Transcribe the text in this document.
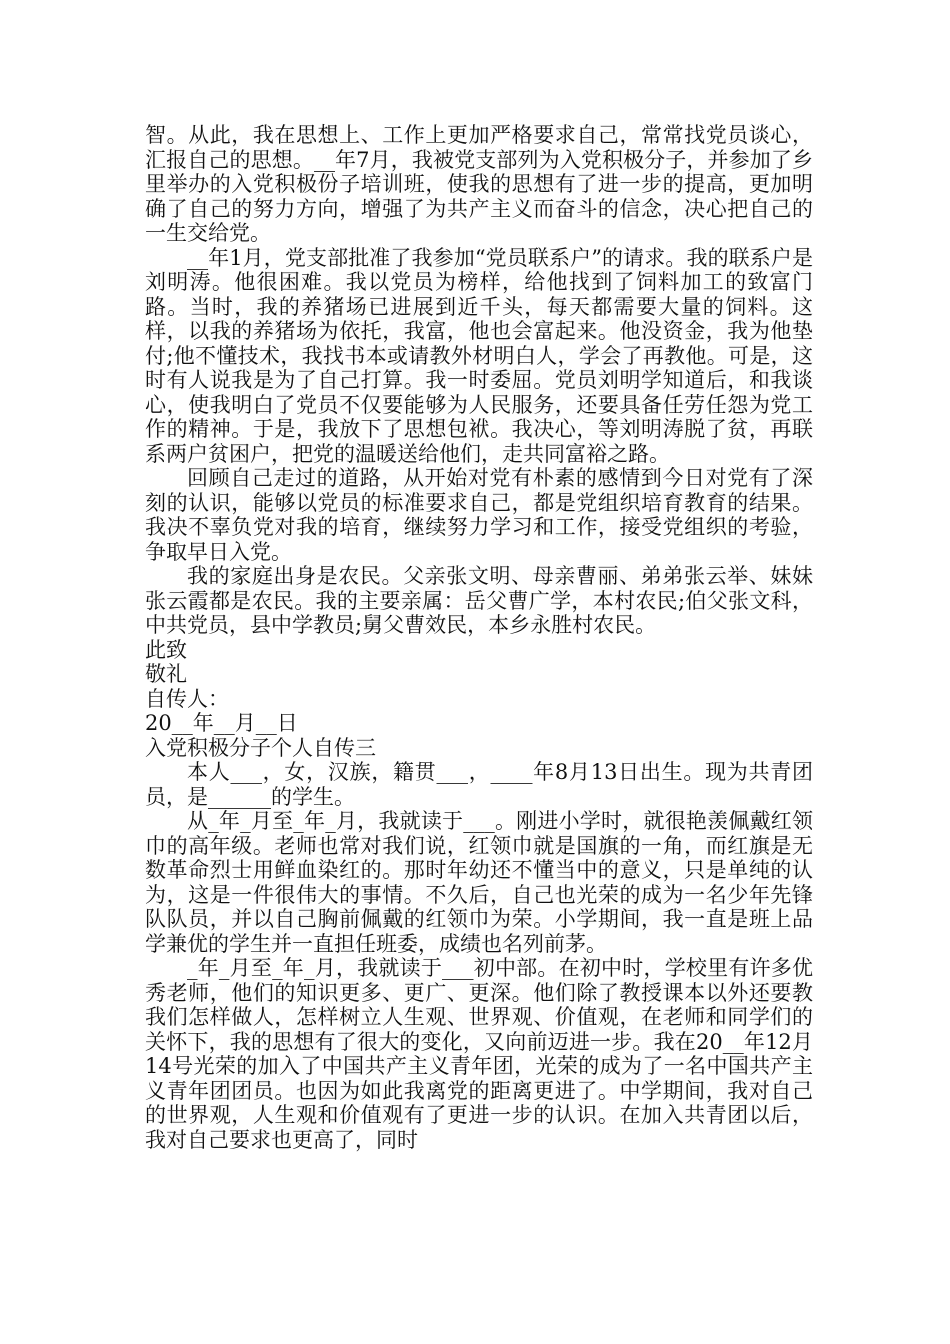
智。从此，我在思想上、工作上更加严格要求自己，常常找党员谈心，汇报自己的思想。__年7月，我被党支部列为入党积极分子，并参加了乡里举办的入党积极份子培训班，使我的思想有了进一步的提高，更加明确了自己的努力方向，增强了为共产主义而奋斗的信念，决心把自己的一生交给党。

__年1月，党支部批准了我参加“党员联系户”的请求。我的联系户是刘明涛。他很困难。我以党员为榜样，给他找到了饲料加工的致富门路。当时，我的养猪场已进展到近千头，每天都需要大量的饲料。这样，以我的养猪场为依托，我富，他也会富起来。他没资金，我为他垫付;他不懂技术，我找书本或请教外材明白人，学会了再教他。可是，这时有人说我是为了自己打算。我一时委屈。党员刘明学知道后，和我谈心，使我明白了党员不仅要能够为人民服务，还要具备任劳任怨为党工作的精神。于是，我放下了思想包袱。我决心，等刘明涛脱了贫，再联系两户贫困户，把党的温暖送给他们，走共同富裕之路。

回顾自己走过的道路，从开始对党有朴素的感情到今日对党有了深刻的认识，能够以党员的标准要求自己，都是党组织培育教育的结果。我决不辜负党对我的培育，继续努力学习和工作，接受党组织的考验，争取早日入党。

我的家庭出身是农民。父亲张文明、母亲曹丽、弟弟张云举、妹妹张云霞都是农民。我的主要亲属：岳父曹广学，本村农民;伯父张文科，中共党员，县中学教员;舅父曹效民，本乡永胜村农民。

此致

敬礼

自传人：

20__年__月__日

入党积极分子个人自传三

本人___，女，汉族，籍贯___，____年8月13日出生。现为共青团员，是______的学生。

从_年_月至_年_月，我就读于___。刚进小学时，就很艳羡佩戴红领巾的高年级。老师也常对我们说，红领巾就是国旗的一角，而红旗是无数革命烈士用鲜血染红的。那时年幼还不懂当中的意义，只是单纯的认为，这是一件很伟大的事情。不久后，自己也光荣的成为一名少年先锋队队员，并以自己胸前佩戴的红领巾为荣。小学期间，我一直是班上品学兼优的学生并一直担任班委，成绩也名列前茅。

_年_月至_年_月，我就读于___初中部。在初中时，学校里有许多优秀老师，他们的知识更多、更广、更深。他们除了教授课本以外还要教我们怎样做人，怎样树立人生观、世界观、价值观，在老师和同学们的关怀下，我的思想有了很大的变化，又向前迈进一步。我在20__年12月14号光荣的加入了中国共产主义青年团，光荣的成为了一名中国共产主义青年团团员。也因为如此我离党的距离更进了。中学期间，我对自己的世界观，人生观和价值观有了更进一步的认识。在加入共青团以后，我对自己要求也更高了，同时
